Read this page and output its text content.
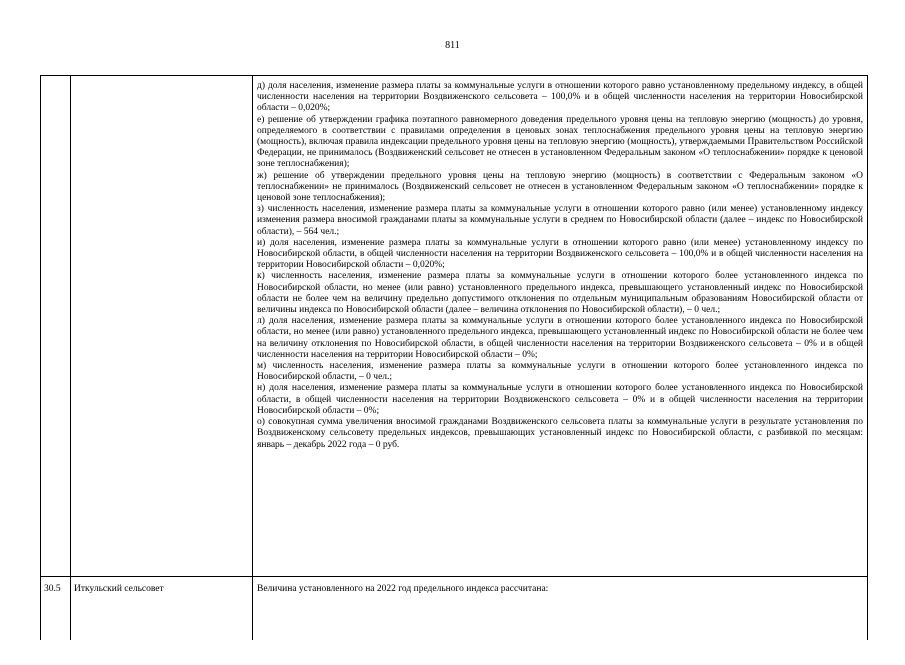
811

д) доля населения, изменение размера платы за коммунальные услуги в отношении которого равно установленному предельному индексу, в общей численности населения на территории Воздвиженского сельсовета – 100,0% и в общей численности населения на территории Новосибирской области – 0,020%;

е) решение об утверждении графика поэтапного равномерного доведения предельного уровня цены на тепловую энергию (мощность) до уровня, определяемого в соответствии с правилами определения в ценовых зонах теплоснабжения предельного уровня цены на тепловую энергию (мощность), включая правила индексации предельного уровня цены на тепловую энергию (мощность), утверждаемыми Правительством Российской Федерации, не принималось (Воздвиженский сельсовет не отнесен в установленном Федеральным законом «О теплоснабжении» порядке к ценовой зоне теплоснабжения);

ж) решение об утверждении предельного уровня цены на тепловую энергию (мощность) в соответствии с Федеральным законом «О теплоснабжении» не принималось (Воздвиженский сельсовет не отнесен в установленном Федеральным законом «О теплоснабжении» порядке к ценовой зоне теплоснабжения);

з) численность населения, изменение размера платы за коммунальные услуги в отношении которого равно (или менее) установленному индексу изменения размера вносимой гражданами платы за коммунальные услуги в среднем по Новосибирской области (далее – индекс по Новосибирской области), – 564 чел.;

и) доля населения, изменение размера платы за коммунальные услуги в отношении которого равно (или менее) установленному индексу по Новосибирской области, в общей численности населения на территории Воздвиженского сельсовета – 100,0% и в общей численности населения на территории Новосибирской области – 0,020%;

к) численность населения, изменение размера платы за коммунальные услуги в отношении которого более установленного индекса по Новосибирской области, но менее (или равно) установленного предельного индекса, превышающего установленный индекс по Новосибирской области не более чем на величину предельно допустимого отклонения по отдельным муниципальным образованиям Новосибирской области от величины индекса по Новосибирской области (далее – величина отклонения по Новосибирской области), – 0 чел.;

л) доля населения, изменение размера платы за коммунальные услуги в отношении которого более установленного индекса по Новосибирской области, но менее (или равно) установленного предельного индекса, превышающего установленный индекс по Новосибирской области не более чем на величину отклонения по Новосибирской области, в общей численности населения на территории Воздвиженского сельсовета – 0% и в общей численности населения на территории Новосибирской области – 0%;

м) численность населения, изменение размера платы за коммунальные услуги в отношении которого более установленного индекса по Новосибирской области, – 0 чел.;

н) доля населения, изменение размера платы за коммунальные услуги в отношении которого более установленного индекса по Новосибирской области, в общей численности населения на территории Воздвиженского сельсовета – 0% и в общей численности населения на территории Новосибирской области – 0%;

о) совокупная сумма увеличения вносимой гражданами Воздвиженского сельсовета платы за коммунальные услуги в результате установления по Воздвиженскому сельсовету предельных индексов, превышающих установленный индекс по Новосибирской области, с разбивкой по месяцам: январь – декабрь 2022 года – 0 руб.

30.5 Иткульский сельсовет	Величина установленного на 2022 год предельного индекса рассчитана:
